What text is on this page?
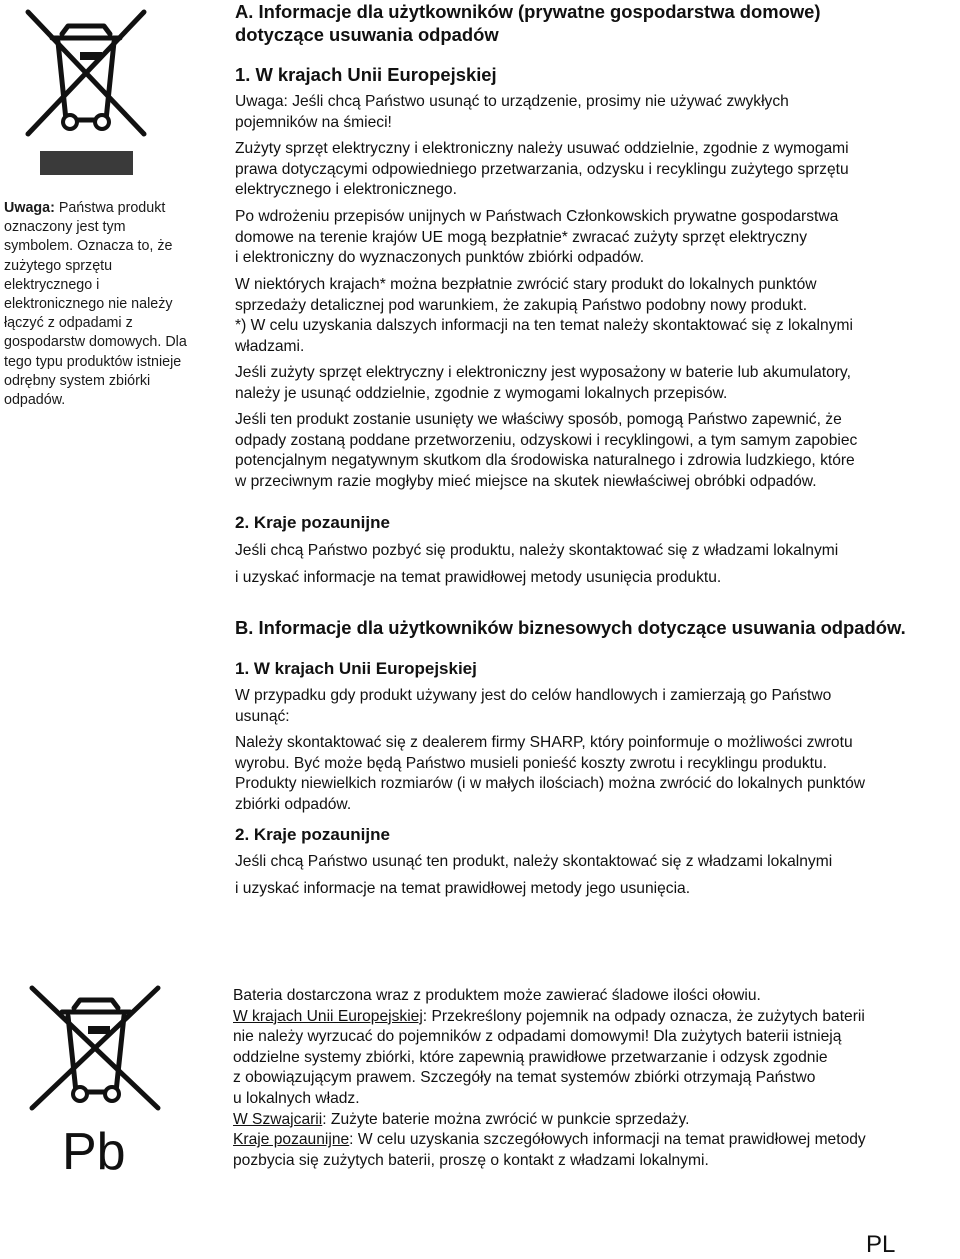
Uwaga: Państwa produkt oznaczony jest tym symbolem. Oznacza to, że zużytego sprzętu elektrycznego i elektronicznego nie należy łączyć z odpadami z gospodarstw domowych. Dla tego typu produktów istnieje odrębny system zbiórki odpadów.

A. Informacje dla użytkowników (prywatne gospodarstwa domowe)

dotyczące usuwania odpadów

1. W krajach Unii Europejskiej

Uwaga: Jeśli chcą Państwo usunąć to urządzenie, prosimy nie używać zwykłych

pojemników na śmieci!

Zużyty sprzęt elektryczny i elektroniczny należy usuwać oddzielnie, zgodnie z wymogami

prawa dotyczącymi odpowiedniego przetwarzania, odzysku i recyklingu zużytego sprzętu

elektrycznego i elektronicznego.

Po wdrożeniu przepisów unijnych w Państwach Członkowskich prywatne gospodarstwa

domowe na terenie krajów UE mogą bezpłatnie* zwracać zużyty sprzęt elektryczny

i elektroniczny do wyznaczonych punktów zbiórki odpadów.

W niektórych krajach* można bezpłatnie zwrócić stary produkt do lokalnych punktów

sprzedaży detalicznej pod warunkiem, że zakupią Państwo podobny nowy produkt.

*) W celu uzyskania dalszych informacji na ten temat należy skontaktować się z lokalnymi

władzami.

Jeśli zużyty sprzęt elektryczny i elektroniczny jest wyposażony w baterie lub akumulatory,

należy je usunąć oddzielnie, zgodnie z wymogami lokalnych przepisów.

Jeśli ten produkt zostanie usunięty we właściwy sposób, pomogą Państwo zapewnić, że

odpady zostaną poddane przetworzeniu, odzyskowi i recyklingowi, a tym samym zapobiec

potencjalnym negatywnym skutkom dla środowiska naturalnego i zdrowia ludzkiego, które

w przeciwnym razie mogłyby mieć miejsce na skutek niewłaściwej obróbki odpadów.

2. Kraje pozaunijne

Jeśli chcą Państwo pozbyć się produktu, należy skontaktować się z władzami lokalnymi

i uzyskać informacje na temat prawidłowej metody usunięcia produktu.

B. Informacje dla użytkowników biznesowych dotyczące usuwania odpadów.

1. W krajach Unii Europejskiej

W przypadku gdy produkt używany jest do celów handlowych i zamierzają go Państwo

usunąć:

Należy skontaktować się z dealerem firmy SHARP, który poinformuje o możliwości zwrotu

wyrobu. Być może będą Państwo musieli ponieść koszty zwrotu i recyklingu produktu.

Produkty niewielkich rozmiarów (i w małych ilościach) można zwrócić do lokalnych punktów

zbiórki odpadów.

2. Kraje pozaunijne

Jeśli chcą Państwo usunąć ten produkt, należy skontaktować się z władzami lokalnymi

i uzyskać informacje na temat prawidłowej metody jego usunięcia.

Pb
Bateria dostarczona wraz z produktem może zawierać śladowe ilości ołowiu.
W krajach Unii Europejskiej: Przekreślony pojemnik na odpady oznacza, że zużytych baterii
nie należy wyrzucać do pojemników z odpadami domowymi! Dla zużytych baterii istnieją
oddzielne systemy zbiórki, które zapewnią prawidłowe przetwarzanie i odzysk zgodnie
z obowiązującym prawem. Szczegóły na temat systemów zbiórki otrzymają Państwo
u lokalnych władz.
W Szwajcarii: Zużyte baterie można zwrócić w punkcie sprzedaży.
Kraje pozaunijne: W celu uzyskania szczegółowych informacji na temat prawidłowej metody
pozbycia się zużytych baterii, proszę o kontakt z władzami lokalnymi.
PL
